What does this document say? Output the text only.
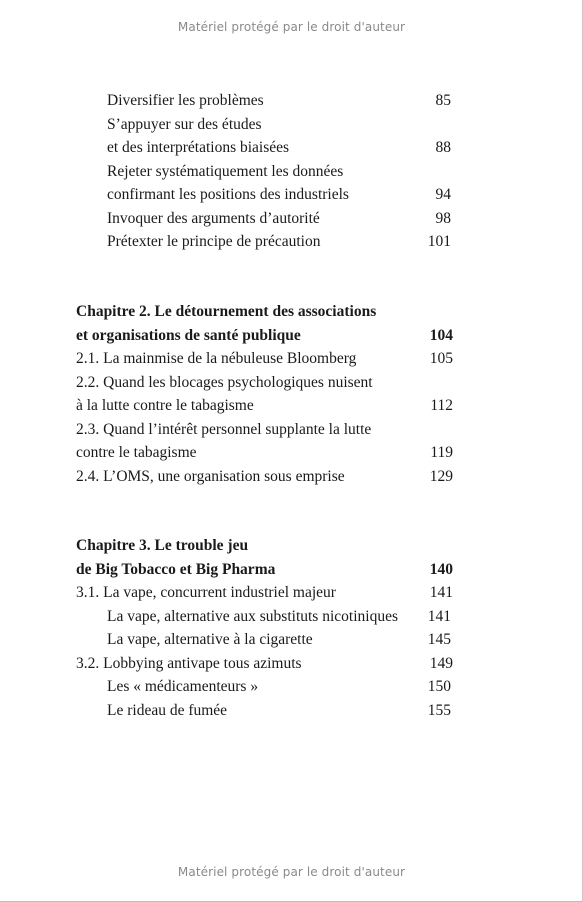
Matériel protégé par le droit d'auteur
Diversifier les problèmes	85
S’appuyer sur des études
et des interprétations biaisées	88
Rejeter systématiquement les données
confirmant les positions des industriels	94
Invoquer des arguments d’autorité	98
Prétexter le principe de précaution	101
Chapitre 2. Le détournement des associations
et organisations de santé publique	104
2.1. La mainmise de la nébuleuse Bloomberg	105
2.2. Quand les blocages psychologiques nuisent
à la lutte contre le tabagisme	112
2.3. Quand l’intérêt personnel supplante la lutte
contre le tabagisme	119
2.4. L’OMS, une organisation sous emprise	129
Chapitre 3. Le trouble jeu
de Big Tobacco et Big Pharma	140
3.1. La vape, concurrent industriel majeur	141
La vape, alternative aux substituts nicotiniques 141
La vape, alternative à la cigarette	145
3.2. Lobbying antivape tous azimuts	149
Les « médicamenteurs »	150
Le rideau de fumée	155
Matériel protégé par le droit d'auteur
